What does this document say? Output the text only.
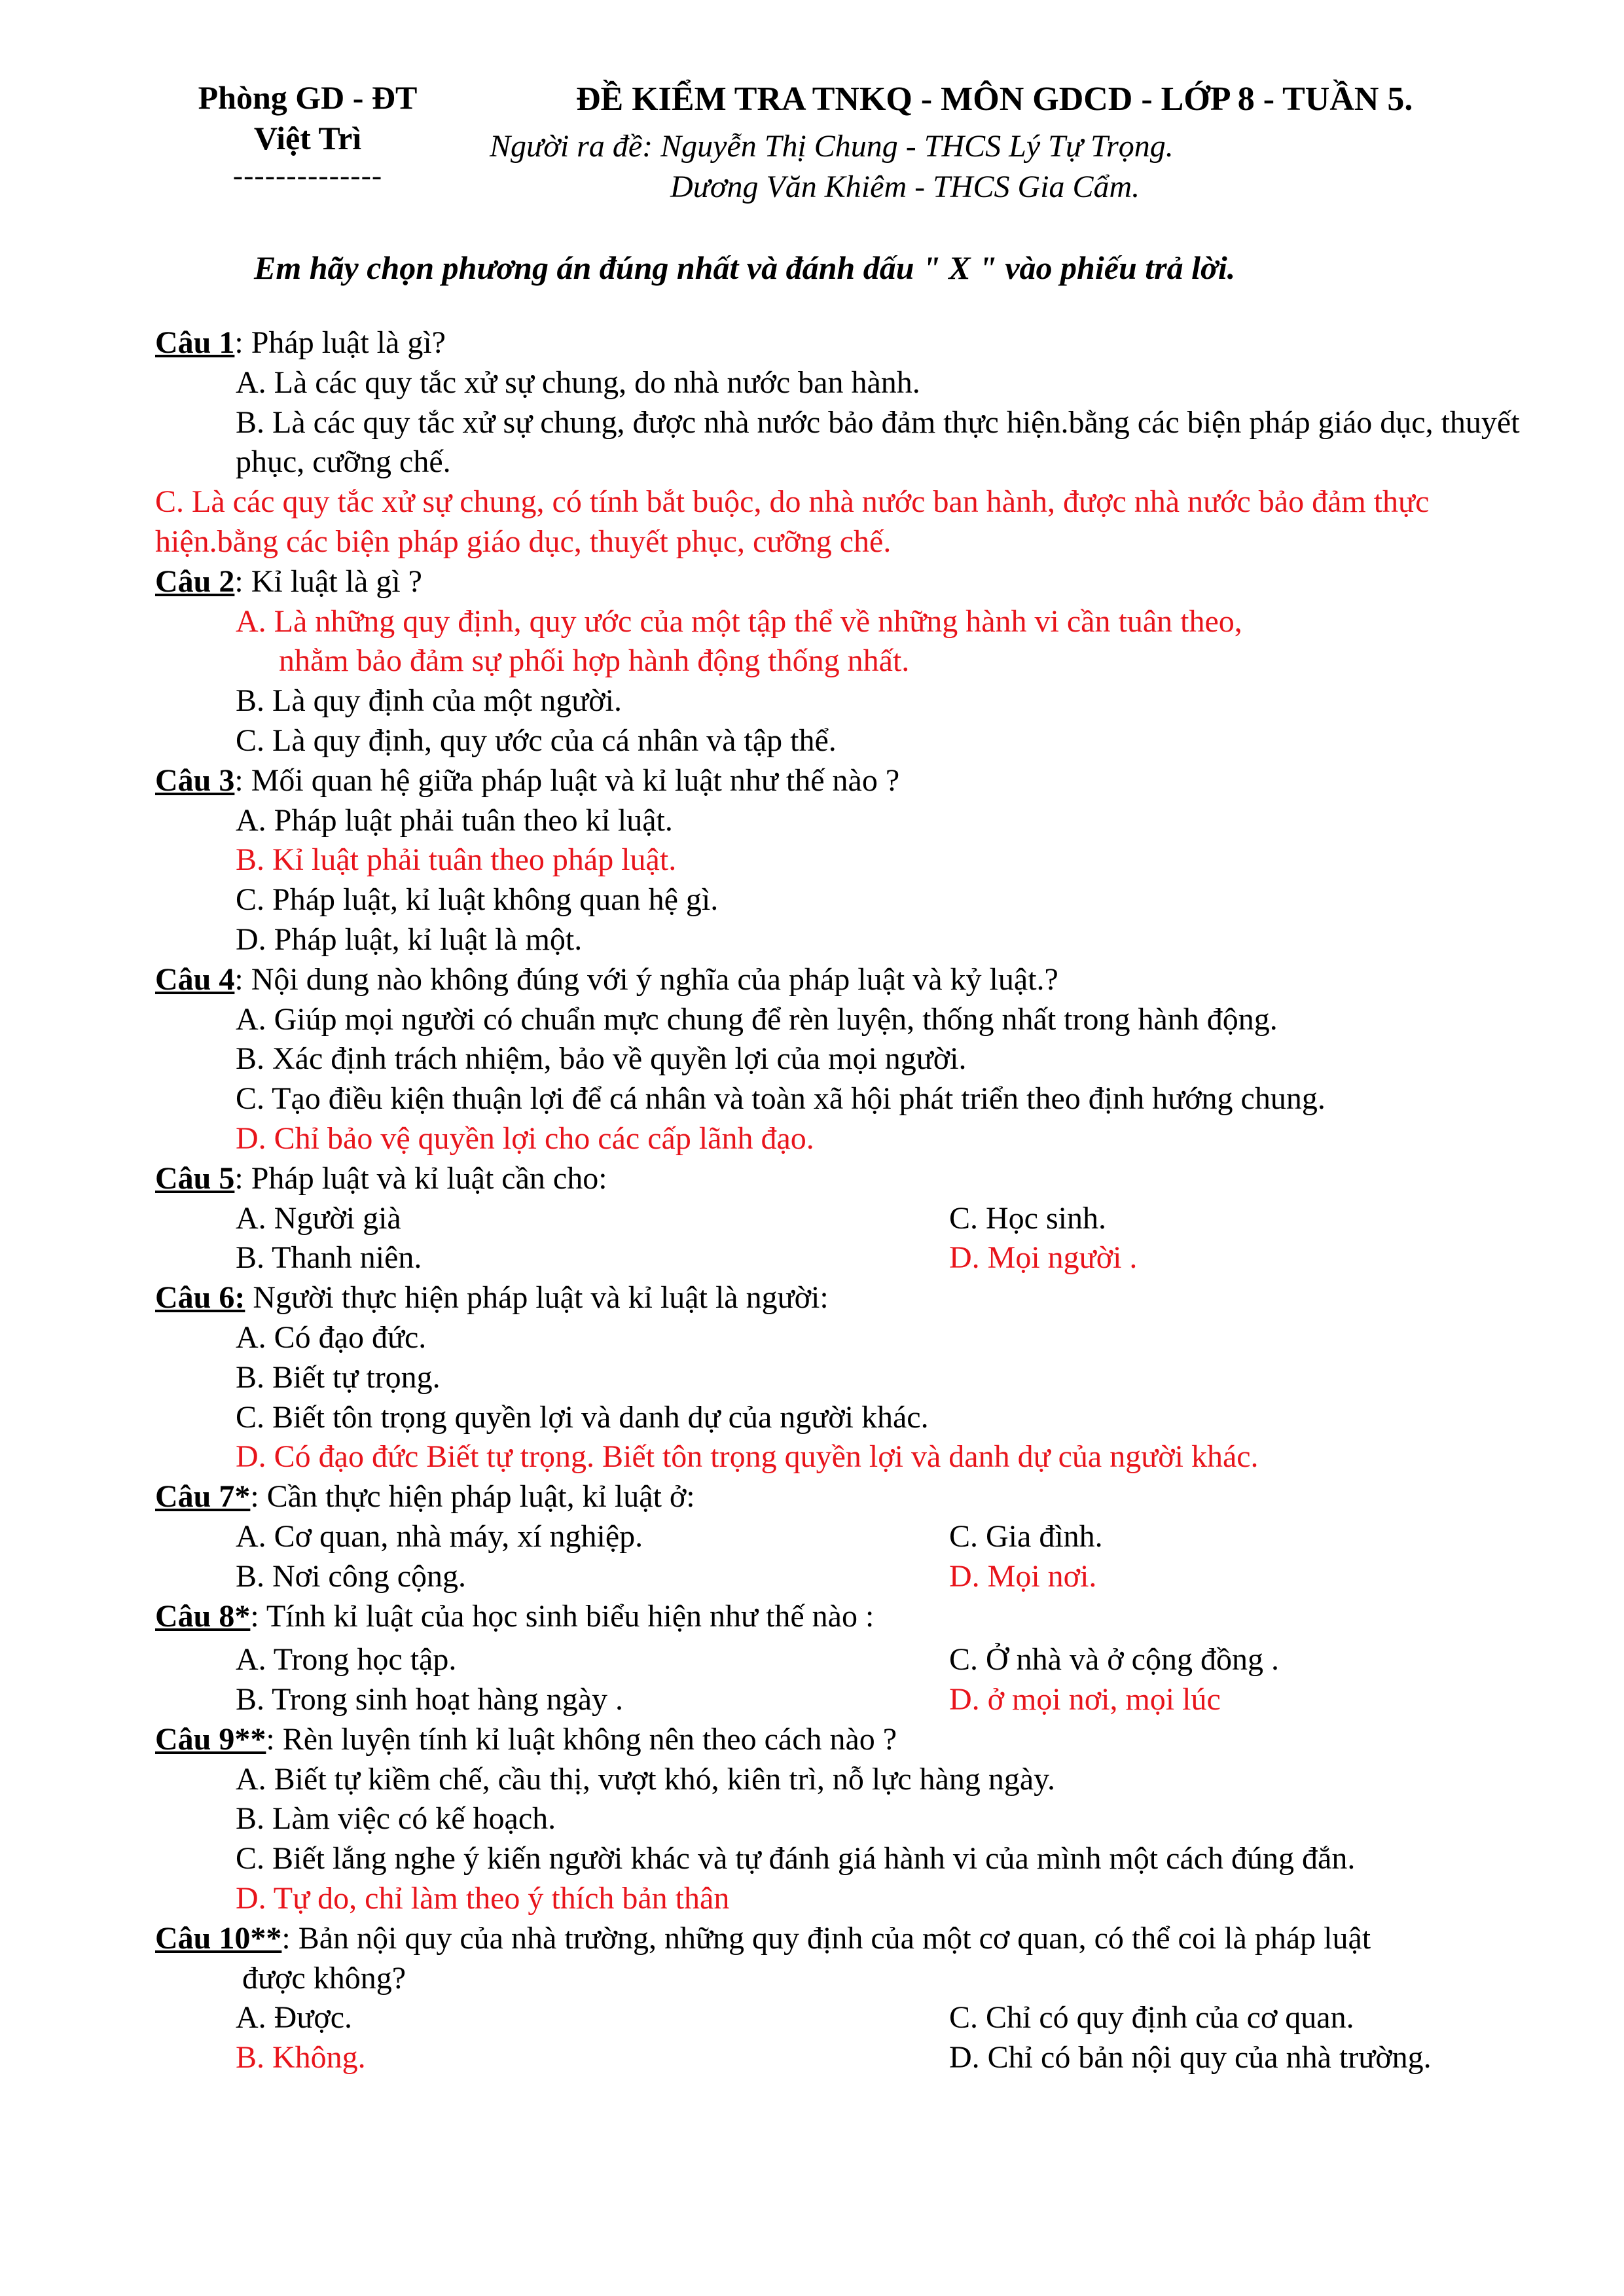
Phòng GD - ĐT
Việt Trì
--------------
ĐỀ KIỂM TRA TNKQ - MÔN GDCD - LỚP 8 - TUẦN 5.
Người ra đề: Nguyễn Thị Chung - THCS Lý Tự Trọng.
Dương Văn Khiêm - THCS Gia Cẩm.
Em hãy chọn phương án đúng nhất và đánh dấu " X " vào phiếu trả lời.
Câu 1: Pháp luật là gì?
A. Là các quy tắc xử sự chung, do nhà nước ban hành.
B. Là các quy tắc xử sự chung, được nhà nước bảo đảm thực hiện.bằng các biện pháp giáo dục, thuyết phục, cưỡng chế.
C. Là các quy tắc xử sự chung, có tính bắt buộc, do nhà nước ban hành, được nhà nước bảo đảm thực hiện.bằng các biện pháp giáo dục, thuyết phục, cưỡng chế.
Câu 2: Kỉ luật là gì ?
A. Là những quy định, quy ước của một tập thể về những hành vi cần tuân theo,
nhằm bảo đảm sự phối hợp hành động thống nhất.
B. Là quy định của một người.
C. Là quy định, quy ước của cá nhân và tập thể.
Câu 3: Mối quan hệ giữa pháp luật và kỉ luật như thế nào ?
A. Pháp luật phải tuân theo kỉ luật.
B. Kỉ luật phải tuân theo pháp luật.
C. Pháp luật, kỉ luật không quan hệ gì.
D. Pháp luật, kỉ luật là một.
Câu 4: Nội dung nào không đúng với ý nghĩa của pháp luật và kỷ luật.?
A. Giúp mọi người có chuẩn mực chung để rèn luyện, thống nhất trong hành động.
B. Xác định trách nhiệm, bảo về quyền lợi của mọi người.
C. Tạo điều kiện thuận lợi để cá nhân và toàn xã hội phát triển theo định hướng chung.
D. Chỉ bảo vệ quyền lợi cho các cấp lãnh đạo.
Câu 5: Pháp luật và kỉ luật cần cho:
A. Người già	C. Học sinh.
B. Thanh niên.	D. Mọi người .
Câu 6: Người thực hiện pháp luật và kỉ luật là người:
A. Có đạo đức.
B. Biết tự trọng.
C. Biết tôn trọng quyền lợi và danh dự của người khác.
D. Có đạo đức Biết tự trọng. Biết tôn trọng quyền lợi và danh dự của người khác.
Câu 7*: Cần thực hiện pháp luật, kỉ luật ở:
A. Cơ quan, nhà máy, xí nghiệp.	C. Gia đình.
B. Nơi công cộng.	D. Mọi nơi.
Câu 8*: Tính kỉ luật của học sinh biểu hiện như thế nào :
A. Trong học tập.	C. Ở nhà và ở cộng đồng .
B. Trong sinh hoạt hàng ngày .	D. ở mọi nơi, mọi lúc
Câu 9**: Rèn luyện tính kỉ luật không nên theo cách nào ?
A. Biết tự kiềm chế, cầu thị, vượt khó, kiên trì, nỗ lực hàng ngày.
B. Làm việc có kế hoạch.
C. Biết lắng nghe ý kiến người khác và tự đánh giá hành vi của mình một cách đúng đắn.
D. Tự do, chỉ làm theo ý thích bản thân
Câu 10**: Bản nội quy của nhà trường, những quy định của một cơ quan, có thể coi là pháp luật
được không?
A. Được.	C. Chỉ có quy định của cơ quan.
B. Không.	D. Chỉ có bản nội quy của nhà trường.
